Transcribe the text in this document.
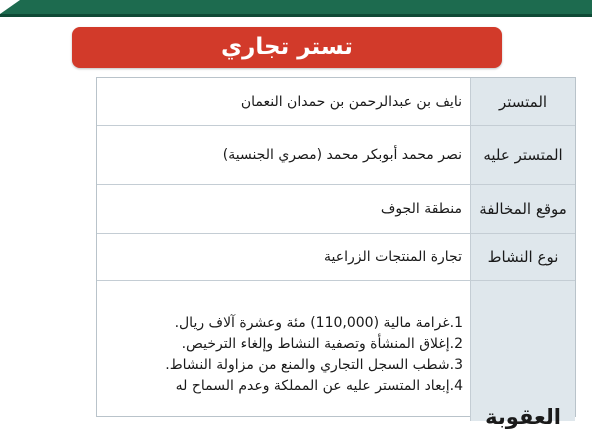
تستر تجاري
المتستر
نايف بن عبدالرحمن بن حمدان النعمان
المتستر عليه
نصر محمد أبوبكر محمد (مصري الجنسية)
موقع المخالفة
منطقة الجوف
نوع النشاط
تجارة المنتجات الزراعية
العقوبة
1.غرامة مالية (110,000) مئة وعشرة آلاف ريال.
2.إغلاق المنشأة وتصفية النشاط وإلغاء الترخيص.
3.شطب السجل التجاري والمنع من مزاولة النشاط.
4.إبعاد المتستر عليه عن المملكة وعدم السماح له
